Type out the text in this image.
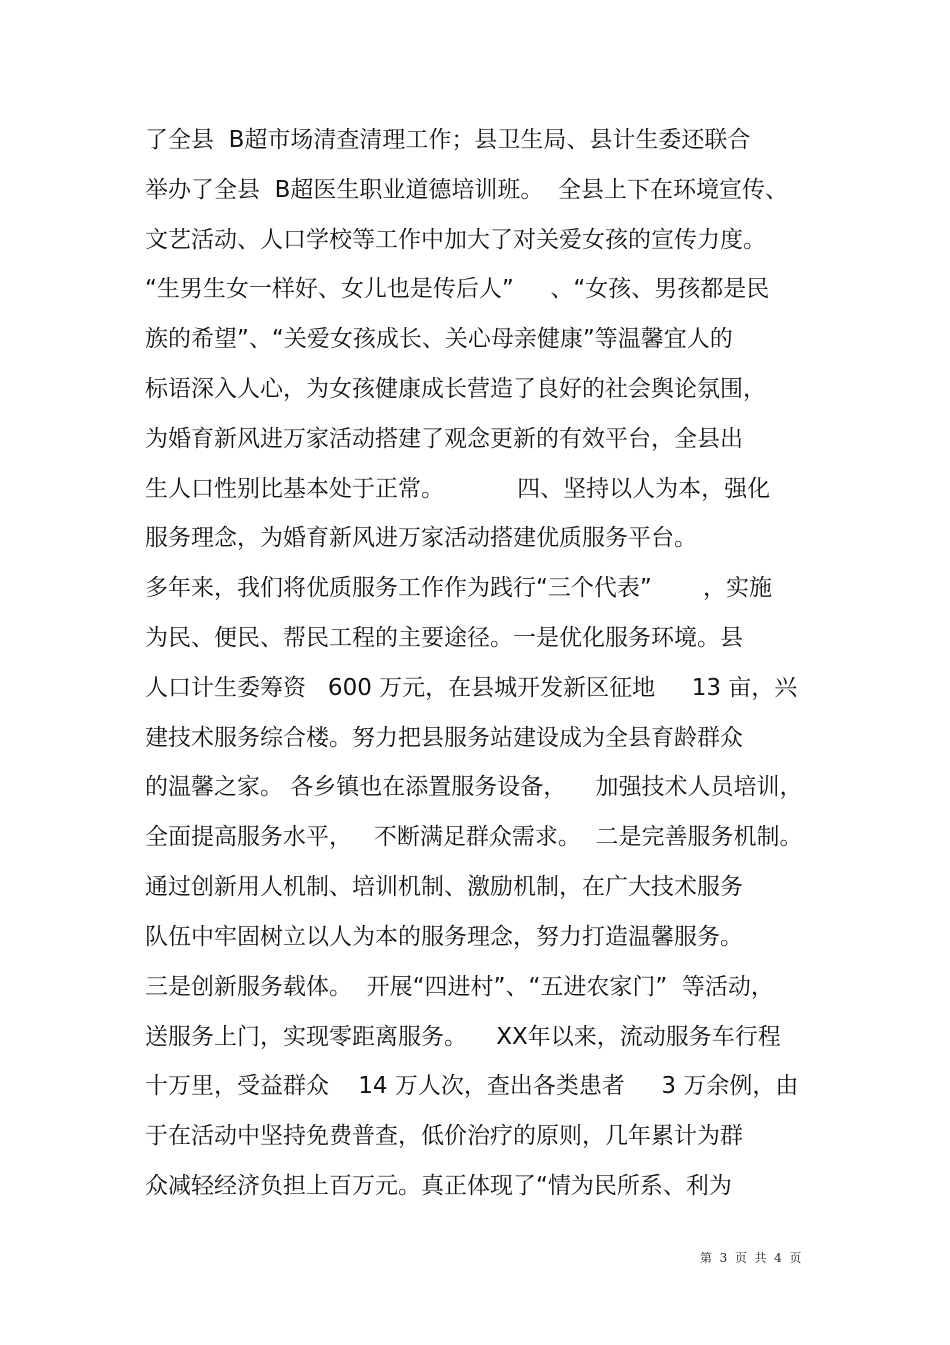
了全县  B超市场清查清理工作；县卫生局、县计生委还联合
举办了全县  B超医生职业道德培训班。  全县上下在环境宣传、
文艺活动、人口学校等工作中加大了对关爱女孩的宣传力度。
“生男生女一样好、女儿也是传后人”     、“女孩、男孩都是民
族的希望”、“关爱女孩成长、关心母亲健康”等温馨宜人的
标语深入人心，为女孩健康成长营造了良好的社会舆论氛围，
为婚育新风进万家活动搭建了观念更新的有效平台，全县出
生人口性别比基本处于正常。          四、坚持以人为本，强化
服务理念，为婚育新风进万家活动搭建优质服务平台。
多年来，我们将优质服务工作作为践行“三个代表”       ，实施
为民、便民、帮民工程的主要途径。一是优化服务环境。县
人口计生委筹资   600 万元，在县城开发新区征地     13 亩，兴
建技术服务综合楼。努力把县服务站建设成为全县育龄群众
的温馨之家。 各乡镇也在添置服务设备，    加强技术人员培训，
全面提高服务水平，   不断满足群众需求。  二是完善服务机制。
通过创新用人机制、培训机制、激励机制，在广大技术服务
队伍中牢固树立以人为本的服务理念，努力打造温馨服务。
三是创新服务载体。  开展“四进村”、“五进农家门”  等活动，
送服务上门，实现零距离服务。    XX年以来，流动服务车行程
十万里，受益群众    14 万人次，查出各类患者     3 万余例，由
于在活动中坚持免费普查，低价治疗的原则，几年累计为群
众减轻经济负担上百万元。真正体现了“情为民所系、利为
第  3  页  共  4  页
